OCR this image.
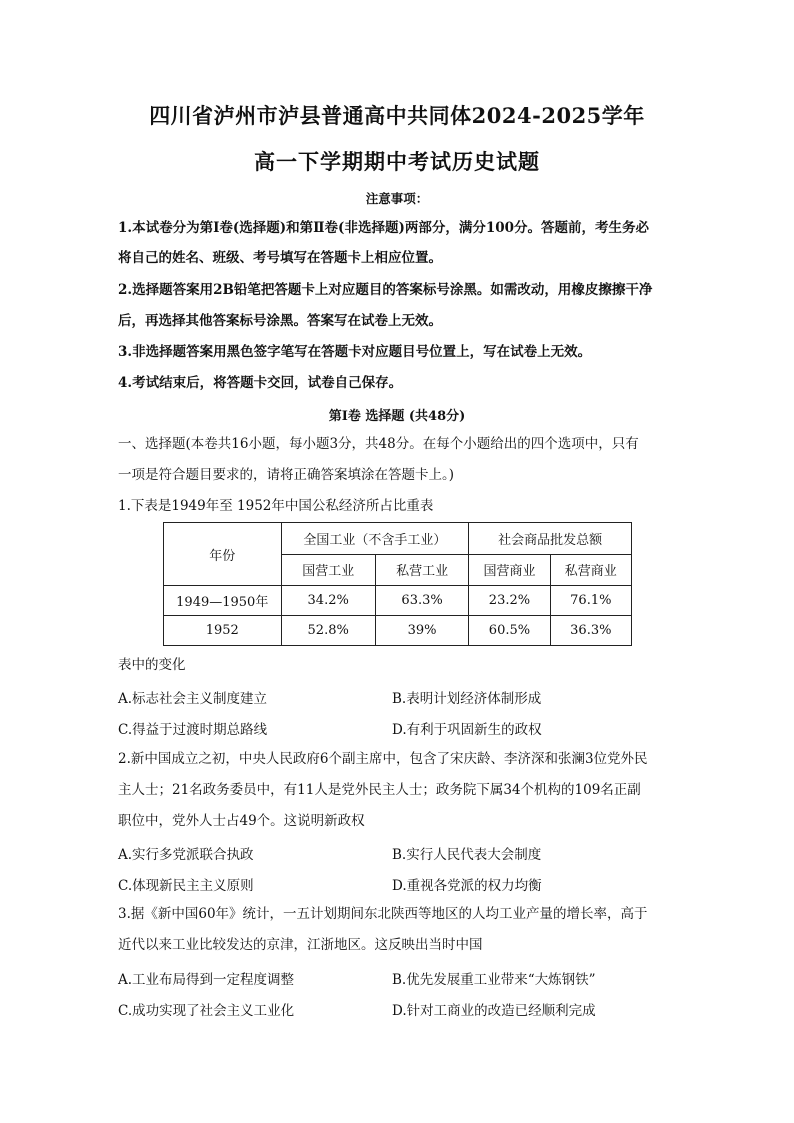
四川省泸州市泸县普通高中共同体2024-2025学年
高一下学期期中考试历史试题
注意事项：
1.本试卷分为第Ⅰ卷(选择题)和第Ⅱ卷(非选择题)两部分，满分100分。答题前，考生务必
将自己的姓名、班级、考号填写在答题卡上相应位置。
2.选择题答案用2B铅笔把答题卡上对应题目的答案标号涂黑。如需改动，用橡皮擦擦干净
后，再选择其他答案标号涂黑。答案写在试卷上无效。
3.非选择题答案用黑色签字笔写在答题卡对应题目号位置上，写在试卷上无效。
4.考试结束后，将答题卡交回，试卷自己保存。
第Ⅰ卷 选择题 (共48分)
一、选择题(本卷共16小题，每小题3分，共48分。在每个小题给出的四个选项中，只有
一项是符合题目要求的，请将正确答案填涂在答题卡上。)
1.下表是1949年至 1952年中国公私经济所占比重表
年份	全国工业（不含手工业）		社会商品批发总额	
	国营工业	私营工业	国营商业	私营商业
1949—1950年	34.2%	63.3%	23.2%	76.1%
1952	52.8%	39%	60.5%	36.3%
表中的变化
A.标志社会主义制度建立	B.表明计划经济体制形成
C.得益于过渡时期总路线	D.有利于巩固新生的政权
2.新中国成立之初，中央人民政府6个副主席中，包含了宋庆龄、李济深和张澜3位党外民
主人士；21名政务委员中，有11人是党外民主人士；政务院下属34个机构的109名正副
职位中，党外人士占49个。这说明新政权
A.实行多党派联合执政	B.实行人民代表大会制度
C.体现新民主主义原则	D.重视各党派的权力均衡
3.据《新中国60年》统计，一五计划期间东北陕西等地区的人均工业产量的增长率，高于
近代以来工业比较发达的京津，江浙地区。这反映出当时中国
A.工业布局得到一定程度调整	B.优先发展重工业带来“大炼钢铁”
C.成功实现了社会主义工业化	D.针对工商业的改造已经顺利完成
